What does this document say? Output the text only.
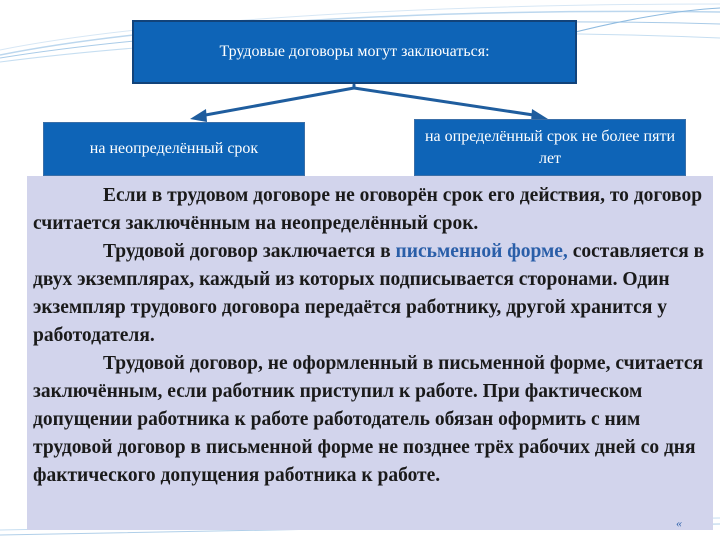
Трудовые договоры могут заключаться:
на неопределённый срок
на определённый срок не более пяти лет

Если в трудовом договоре не оговорён срок его действия, то договор считается заключённым на неопределённый срок.
Трудовой договор заключается в письменной форме, составляется в двух экземплярах, каждый из которых подписывается сторонами. Один экземпляр трудового договора передаётся работнику, другой хранится у работодателя.
Трудовой договор, не оформленный в письменной форме, считается заключённым, если работник приступил к работе. При фактическом допущении работника к работе работодатель обязан оформить с ним трудовой договор в письменной форме не позднее трёх рабочих дней со дня фактического допущения работника к работе.

«
